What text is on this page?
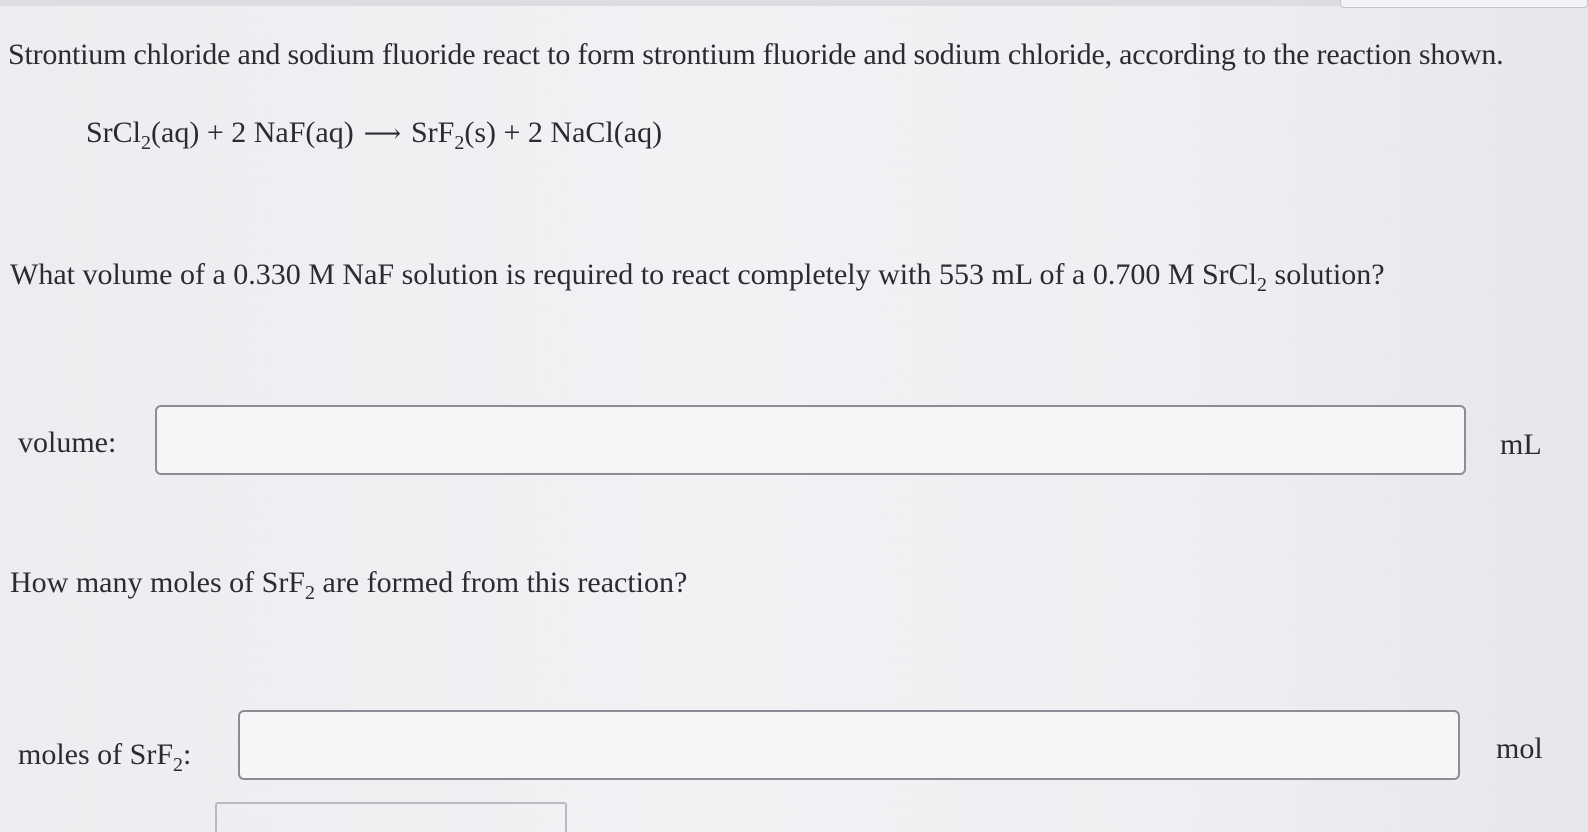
Strontium chloride and sodium fluoride react to form strontium fluoride and sodium chloride, according to the reaction shown.
SrCl$_2$(aq) + 2 NaF(aq) ⟶ SrF$_2$(s) + 2 NaCl(aq)
What volume of a 0.330 M NaF solution is required to react completely with 553 mL of a 0.700 M SrCl$_2$ solution?
volume:	mL
How many moles of SrF$_2$ are formed from this reaction?
moles of SrF$_2$:	mol
